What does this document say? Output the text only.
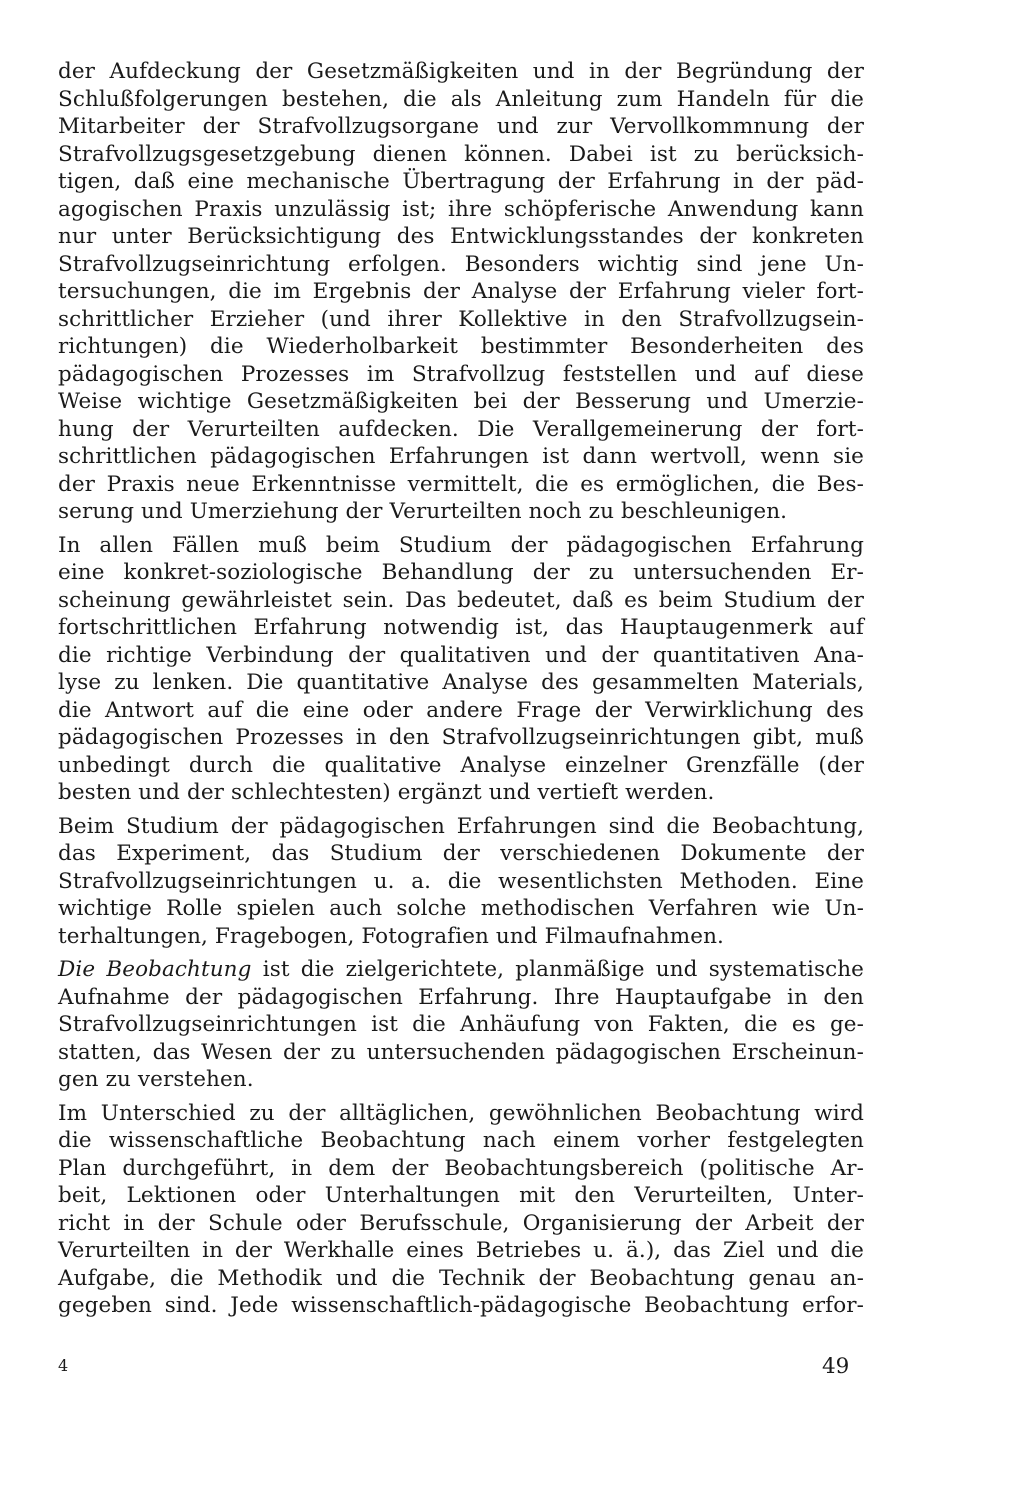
der Aufdeckung der Gesetzmäßigkeiten und in der Begründung der
Schlußfolgerungen bestehen, die als Anleitung zum Handeln für die
Mitarbeiter der Strafvollzugsorgane und zur Vervollkommnung der
Strafvollzugsgesetzgebung dienen können. Dabei ist zu berücksich-
tigen, daß eine mechanische Übertragung der Erfahrung in der päd-
agogischen Praxis unzulässig ist; ihre schöpferische Anwendung kann
nur unter Berücksichtigung des Entwicklungsstandes der konkreten
Strafvollzugseinrichtung erfolgen. Besonders wichtig sind jene Un-
tersuchungen, die im Ergebnis der Analyse der Erfahrung vieler fort-
schrittlicher Erzieher (und ihrer Kollektive in den Strafvollzugsein-
richtungen) die Wiederholbarkeit bestimmter Besonderheiten des
pädagogischen Prozesses im Strafvollzug feststellen und auf diese
Weise wichtige Gesetzmäßigkeiten bei der Besserung und Umerzie-
hung der Verurteilten aufdecken. Die Verallgemeinerung der fort-
schrittlichen pädagogischen Erfahrungen ist dann wertvoll, wenn sie
der Praxis neue Erkenntnisse vermittelt, die es ermöglichen, die Bes-
serung und Umerziehung der Verurteilten noch zu beschleunigen.
In allen Fällen muß beim Studium der pädagogischen Erfahrung
eine konkret-soziologische Behandlung der zu untersuchenden Er-
scheinung gewährleistet sein. Das bedeutet, daß es beim Studium der
fortschrittlichen Erfahrung notwendig ist, das Hauptaugenmerk auf
die richtige Verbindung der qualitativen und der quantitativen Ana-
lyse zu lenken. Die quantitative Analyse des gesammelten Materials,
die Antwort auf die eine oder andere Frage der Verwirklichung des
pädagogischen Prozesses in den Strafvollzugseinrichtungen gibt, muß
unbedingt durch die qualitative Analyse einzelner Grenzfälle (der
besten und der schlechtesten) ergänzt und vertieft werden.
Beim Studium der pädagogischen Erfahrungen sind die Beobachtung,
das Experiment, das Studium der verschiedenen Dokumente der
Strafvollzugseinrichtungen u. a. die wesentlichsten Methoden. Eine
wichtige Rolle spielen auch solche methodischen Verfahren wie Un-
terhaltungen, Fragebogen, Fotografien und Filmaufnahmen.
Die Beobachtung ist die zielgerichtete, planmäßige und systematische
Aufnahme der pädagogischen Erfahrung. Ihre Hauptaufgabe in den
Strafvollzugseinrichtungen ist die Anhäufung von Fakten, die es ge-
statten, das Wesen der zu untersuchenden pädagogischen Erscheinun-
gen zu verstehen.
Im Unterschied zu der alltäglichen, gewöhnlichen Beobachtung wird
die wissenschaftliche Beobachtung nach einem vorher festgelegten
Plan durchgeführt, in dem der Beobachtungsbereich (politische Ar-
beit, Lektionen oder Unterhaltungen mit den Verurteilten, Unter-
richt in der Schule oder Berufsschule, Organisierung der Arbeit der
Verurteilten in der Werkhalle eines Betriebes u. ä.), das Ziel und die
Aufgabe, die Methodik und die Technik der Beobachtung genau an-
gegeben sind. Jede wissenschaftlich-pädagogische Beobachtung erfor-
4	49
